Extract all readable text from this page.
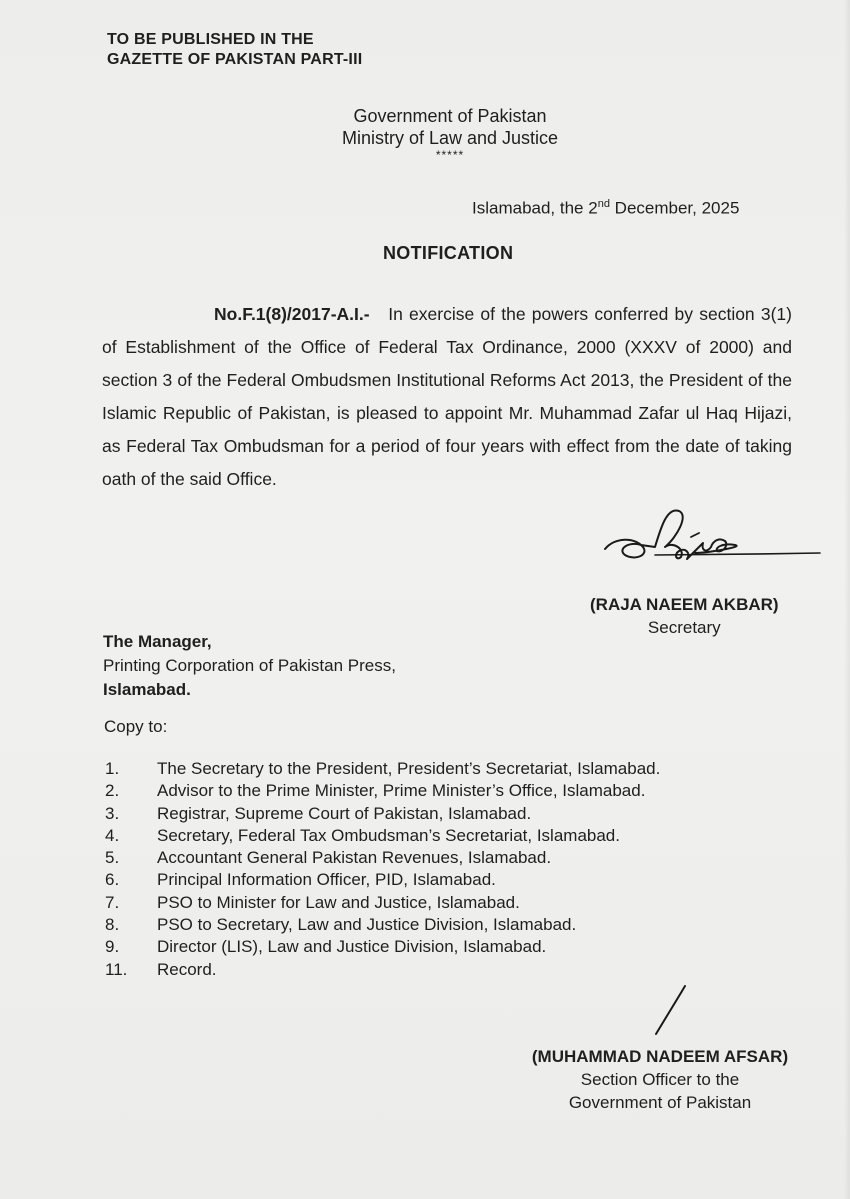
TO BE PUBLISHED IN THE
GAZETTE OF PAKISTAN PART-III
Government of Pakistan
Ministry of Law and Justice
*****
Islamabad, the 2nd December, 2025
NOTIFICATION
No.F.1(8)/2017-A.I.- In exercise of the powers conferred by section 3(1) of Establishment of the Office of Federal Tax Ordinance, 2000 (XXXV of 2000) and section 3 of the Federal Ombudsmen Institutional Reforms Act 2013, the President of the Islamic Republic of Pakistan, is pleased to appoint Mr. Muhammad Zafar ul Haq Hijazi, as Federal Tax Ombudsman for a period of four years with effect from the date of taking oath of the said Office.
(RAJA NAEEM AKBAR)
Secretary
The Manager,
Printing Corporation of Pakistan Press,
Islamabad.
Copy to:
1.	The Secretary to the President, President’s Secretariat, Islamabad.
2.	Advisor to the Prime Minister, Prime Minister’s Office, Islamabad.
3.	Registrar, Supreme Court of Pakistan, Islamabad.
4.	Secretary, Federal Tax Ombudsman’s Secretariat, Islamabad.
5.	Accountant General Pakistan Revenues, Islamabad.
6.	Principal Information Officer, PID, Islamabad.
7.	PSO to Minister for Law and Justice, Islamabad.
8.	PSO to Secretary, Law and Justice Division, Islamabad.
9.	Director (LIS), Law and Justice Division, Islamabad.
11.	Record.
(MUHAMMAD NADEEM AFSAR)
Section Officer to the
Government of Pakistan
